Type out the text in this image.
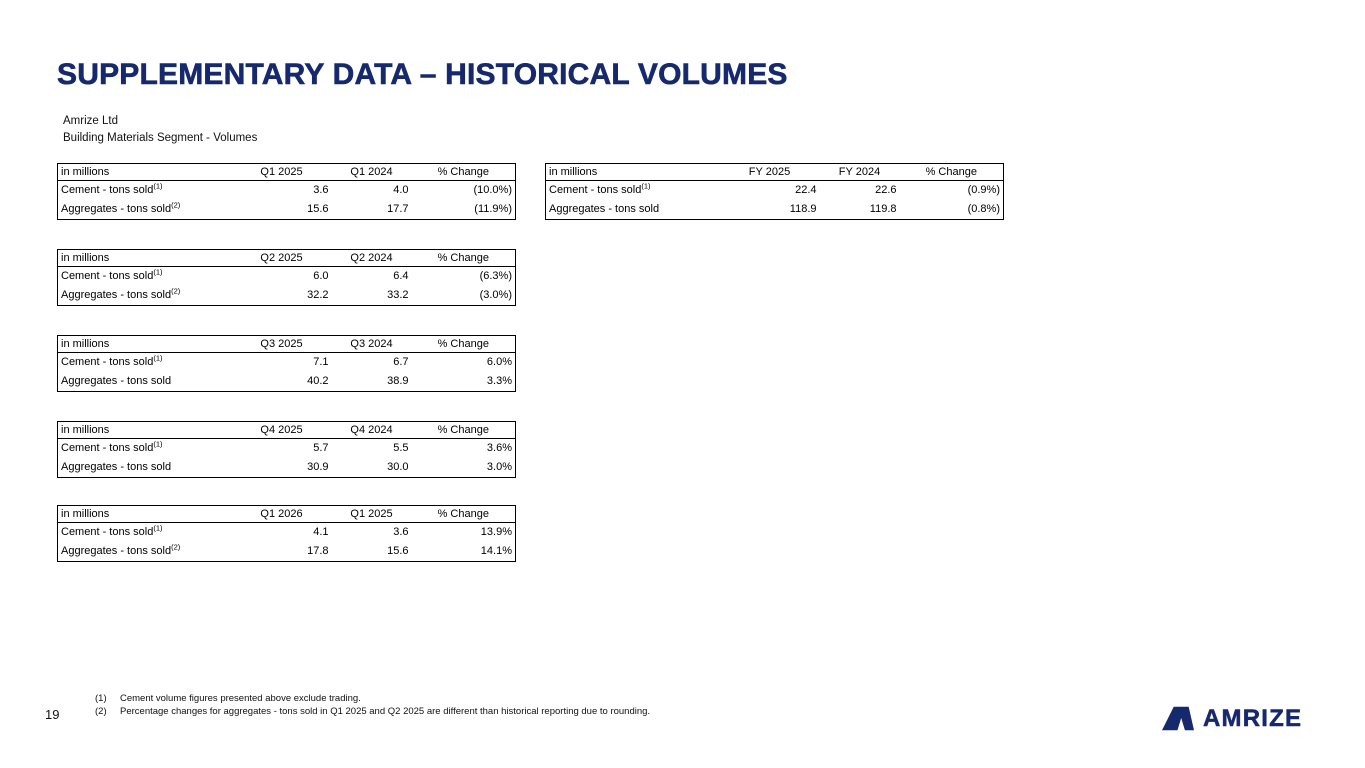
SUPPLEMENTARY DATA – HISTORICAL VOLUMES
Amrize Ltd
Building Materials Segment - Volumes
in millions	Q1 2025	Q1 2024	% Change
Cement - tons sold$^{(1)}$	3.6	4.0	(10.0%)
Aggregates - tons sold$^{(2)}$	15.6	17.7	(11.9%)
in millions	FY 2025	FY 2024	% Change
Cement - tons sold$^{(1)}$	22.4	22.6	(0.9%)
Aggregates - tons sold	118.9	119.8	(0.8%)
in millions	Q2 2025	Q2 2024	% Change
Cement - tons sold$^{(1)}$	6.0	6.4	(6.3%)
Aggregates - tons sold$^{(2)}$	32.2	33.2	(3.0%)
in millions	Q3 2025	Q3 2024	% Change
Cement - tons sold$^{(1)}$	7.1	6.7	6.0%
Aggregates - tons sold	40.2	38.9	3.3%
in millions	Q4 2025	Q4 2024	% Change
Cement - tons sold$^{(1)}$	5.7	5.5	3.6%
Aggregates - tons sold	30.9	30.0	3.0%
in millions	Q1 2026	Q1 2025	% Change
Cement - tons sold$^{(1)}$	4.1	3.6	13.9%
Aggregates - tons sold$^{(2)}$	17.8	15.6	14.1%
(1)	Cement volume figures presented above exclude trading.
(2)	Percentage changes for aggregates - tons sold in Q1 2025 and Q2 2025 are different than historical reporting due to rounding.
19	AMRIZE
